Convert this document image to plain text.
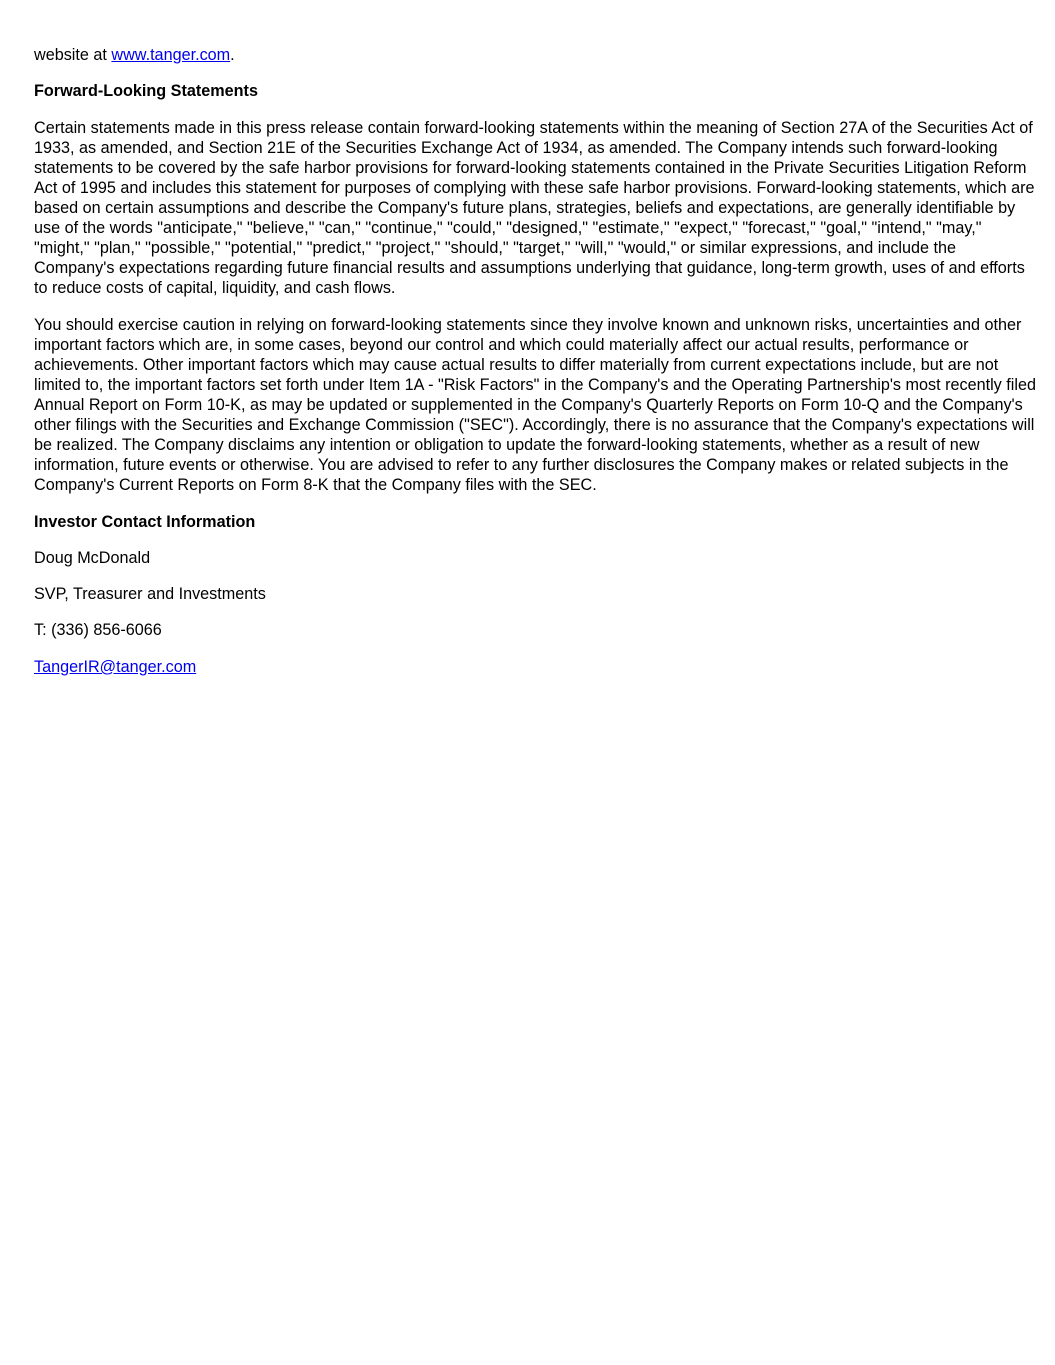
website at www.tanger.com.

Forward-Looking Statements

Certain statements made in this press release contain forward-looking statements within the meaning of Section 27A of the Securities Act of 1933, as amended, and Section 21E of the Securities Exchange Act of 1934, as amended. The Company intends such forward-looking statements to be covered by the safe harbor provisions for forward-looking statements contained in the Private Securities Litigation Reform Act of 1995 and includes this statement for purposes of complying with these safe harbor provisions. Forward-looking statements, which are based on certain assumptions and describe the Company's future plans, strategies, beliefs and expectations, are generally identifiable by use of the words "anticipate," "believe," "can," "continue," "could," "designed," "estimate," "expect," "forecast," "goal," "intend," "may," "might," "plan," "possible," "potential," "predict," "project," "should," "target," "will," "would," or similar expressions, and include the Company's expectations regarding future financial results and assumptions underlying that guidance, long-term growth, uses of and efforts to reduce costs of capital, liquidity, and cash flows.

You should exercise caution in relying on forward-looking statements since they involve known and unknown risks, uncertainties and other important factors which are, in some cases, beyond our control and which could materially affect our actual results, performance or achievements. Other important factors which may cause actual results to differ materially from current expectations include, but are not limited to, the important factors set forth under Item 1A - "Risk Factors" in the Company's and the Operating Partnership's most recently filed Annual Report on Form 10-K, as may be updated or supplemented in the Company's Quarterly Reports on Form 10-Q and the Company's other filings with the Securities and Exchange Commission ("SEC"). Accordingly, there is no assurance that the Company's expectations will be realized. The Company disclaims any intention or obligation to update the forward-looking statements, whether as a result of new information, future events or otherwise. You are advised to refer to any further disclosures the Company makes or related subjects in the Company's Current Reports on Form 8-K that the Company files with the SEC.

Investor Contact Information

Doug McDonald

SVP, Treasurer and Investments

T: (336) 856-6066

TangerIR@tanger.com
